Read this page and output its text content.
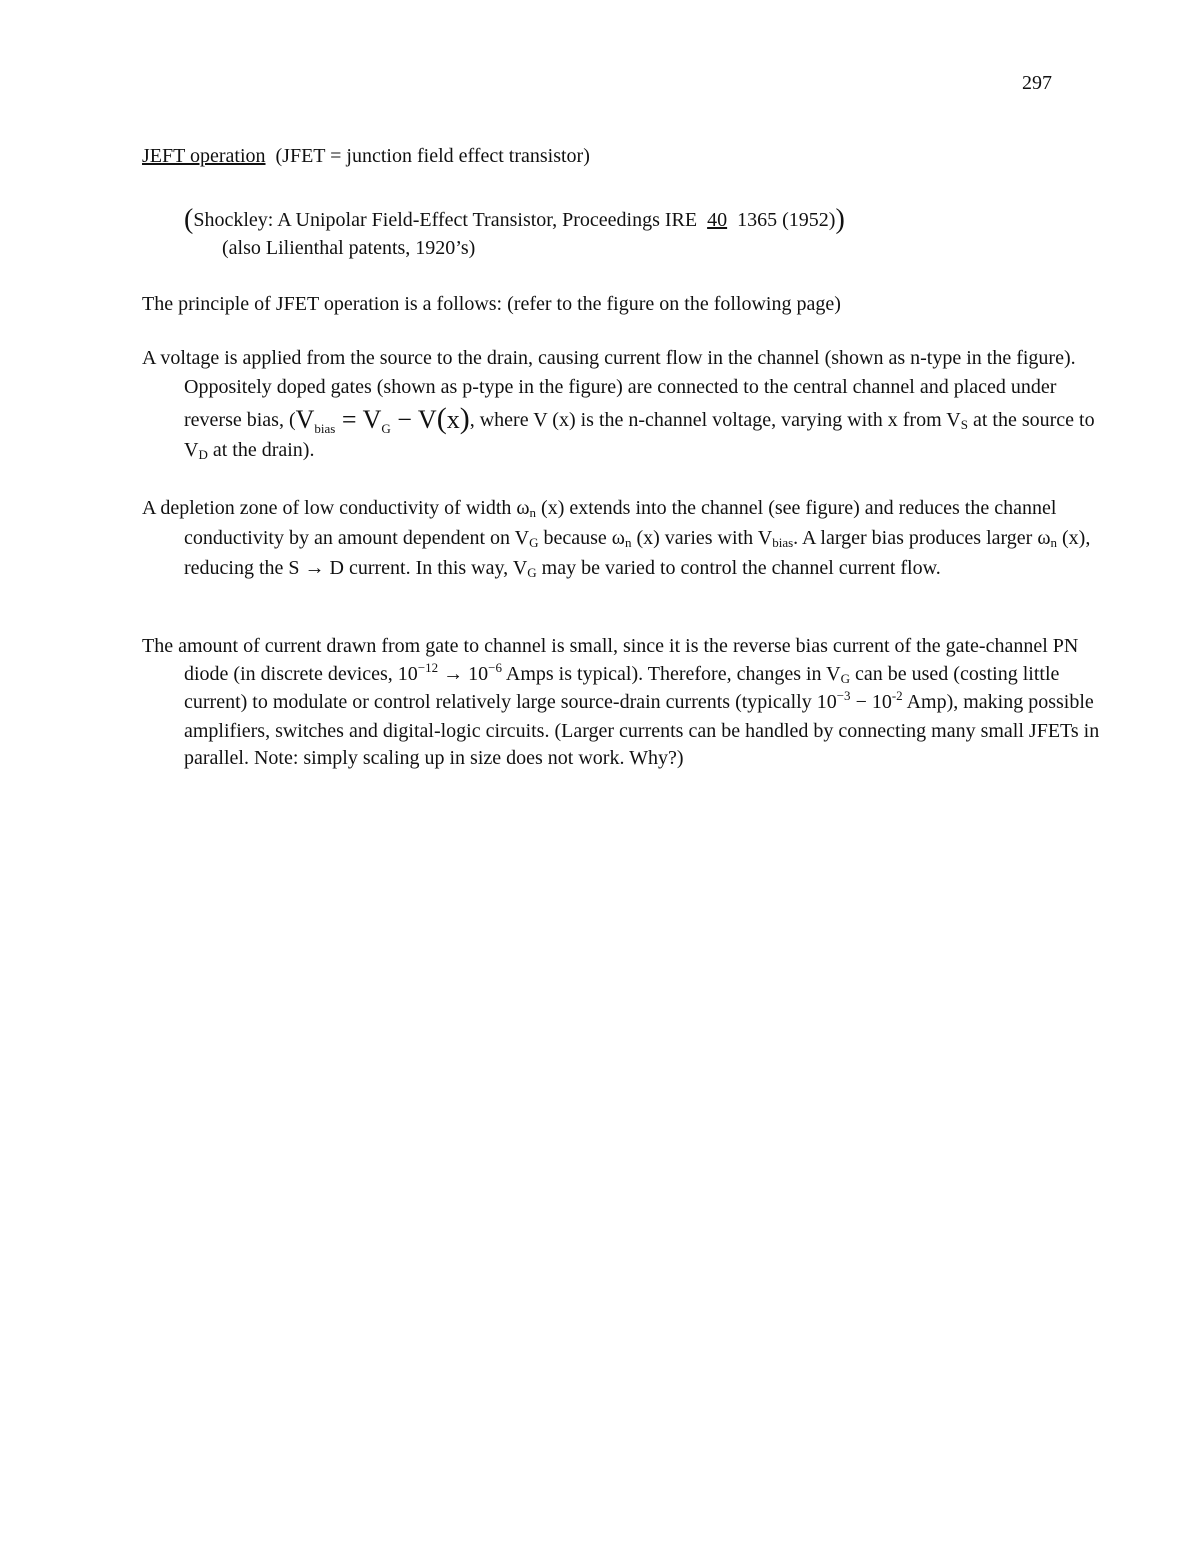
297
JEFT operation (JFET = junction field effect transistor)
(Shockley: A Unipolar Field-Effect Transistor, Proceedings IRE 40 1365 (1952))
(also Lilienthal patents, 1920’s)
The principle of JFET operation is a follows: (refer to the figure on the following page)
A voltage is applied from the source to the drain, causing current flow in the channel (shown as n-type in the figure). Oppositely doped gates (shown as p-type in the figure) are connected to the central channel and placed under reverse bias, (Vbias = VG − V(x), where V (x) is the n-channel voltage, varying with x from VS at the source to VD at the drain).
A depletion zone of low conductivity of width ωn (x) extends into the channel (see figure) and reduces the channel conductivity by an amount dependent on VG because ωn (x) varies with Vbias. A larger bias produces larger ωn (x), reducing the S → D current. In this way, VG may be varied to control the channel current flow.
The amount of current drawn from gate to channel is small, since it is the reverse bias current of the gate-channel PN diode (in discrete devices, $10^{-12} \to 10^{-6}$ Amps is typical). Therefore, changes in VG can be used (costing little current) to modulate or control relatively large source-drain currents (typically $10^{-3} - 10^{-2}$ Amp), making possible amplifiers, switches and digital-logic circuits. (Larger currents can be handled by connecting many small JFETs in parallel. Note: simply scaling up in size does not work. Why?)
